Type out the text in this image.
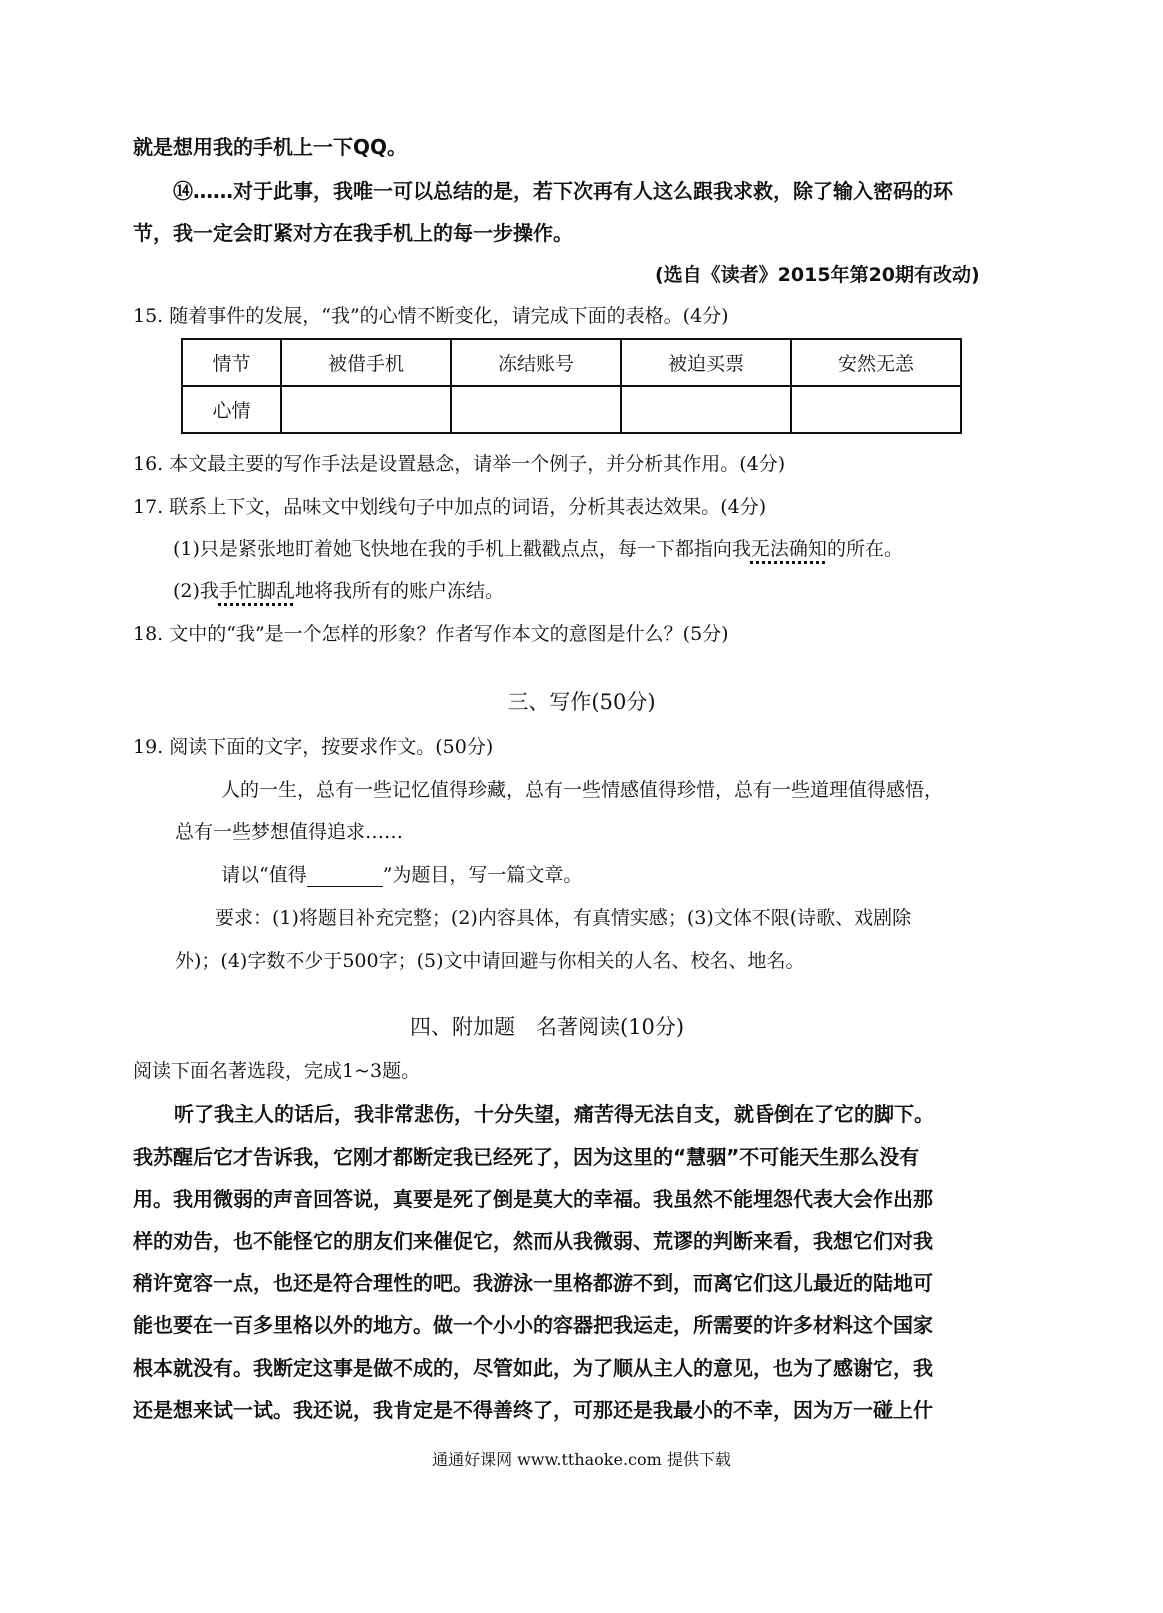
就是想用我的手机上一下QQ。
⑭……对于此事，我唯一可以总结的是，若下次再有人这么跟我求救，除了输入密码的环
节，我一定会盯紧对方在我手机上的每一步操作。
(选自《读者》2015年第20期有改动)
15. 随着事件的发展，“我”的心情不断变化，请完成下面的表格。(4分)
情节	被借手机	冻结账号	被迫买票	安然无恙
心情				
16. 本文最主要的写作手法是设置悬念，请举一个例子，并分析其作用。(4分)
17. 联系上下文，品味文中划线句子中加点的词语，分析其表达效果。(4分)
(1)只是紧张地盯着她飞快地在我的手机上戳戳点点，每一下都指向我无法确知的所在。
(2)我手忙脚乱地将我所有的账户冻结。
18. 文中的“我”是一个怎样的形象？作者写作本文的意图是什么？(5分)
三、写作(50分)
19. 阅读下面的文字，按要求作文。(50分)
人的一生，总有一些记忆值得珍藏，总有一些情感值得珍惜，总有一些道理值得感悟，
总有一些梦想值得追求……
请以“值得	”为题目，写一篇文章。
要求：(1)将题目补充完整；(2)内容具体，有真情实感；(3)文体不限(诗歌、戏剧除
外)；(4)字数不少于500字；(5)文中请回避与你相关的人名、校名、地名。
四、附加题　名著阅读(10分)
阅读下面名著选段，完成1~3题。
听了我主人的话后，我非常悲伤，十分失望，痛苦得无法自支，就昏倒在了它的脚下。
我苏醒后它才告诉我，它刚才都断定我已经死了，因为这里的“慧骃”不可能天生那么没有
用。我用微弱的声音回答说，真要是死了倒是莫大的幸福。我虽然不能埋怨代表大会作出那
样的劝告，也不能怪它的朋友们来催促它，然而从我微弱、荒谬的判断来看，我想它们对我
稍许宽容一点，也还是符合理性的吧。我游泳一里格都游不到，而离它们这儿最近的陆地可
能也要在一百多里格以外的地方。做一个小小的容器把我运走，所需要的许多材料这个国家
根本就没有。我断定这事是做不成的，尽管如此，为了顺从主人的意见，也为了感谢它，我
还是想来试一试。我还说，我肯定是不得善终了，可那还是我最小的不幸，因为万一碰上什
通通好课网 www.tthaoke.com 提供下载
